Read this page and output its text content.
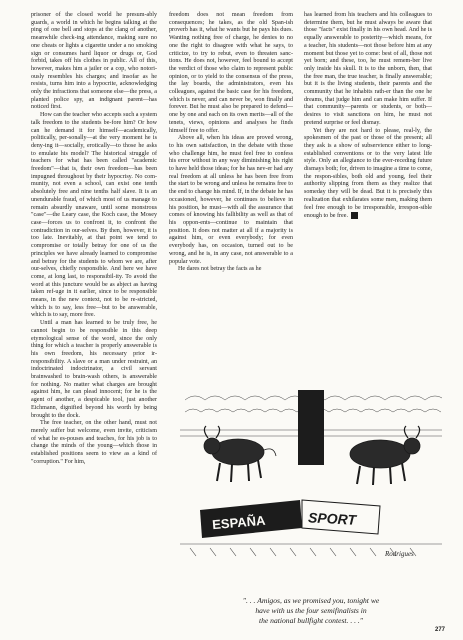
prisoner of the closed world he presum-ably guards, a world in which he begins talking at the ping of one bell and stops at the clang of another, meanwhile check-ing attendance, making sure no one cheats or lights a cigarette under a no smoking sign or consumes hard liquor or drugs or, God forbid, takes off his clothes in public. All of this, however, makes him a jailer or a cop, who notori-ously resembles his charges; and insofar as he resists, turns him into a hypocrite, acknowledging only the infractions that someone else—the press, a planted police spy, an indignant parent—has noticed first.

How can the teacher who accepts such a system talk freedom to the students be-fore him? Or how can he demand it for himself—academically, politically, per-sonally—at the very moment he is deny-ing it—socially, erotically—to those he asks to emulate his model? The historical struggle of teachers for what has been called "academic freedom"—that is, their own freedom—has been impugned throughout by their hypocrisy. No com-munity, not even a school, can exist one tenth absolutely free and nine tenths half slave. It is an unendurable fraud, of which most of us manage to remain absurdly unaware, until some monstrous "case"—the Leary case, the Koch case, the Mosey case—forces us to confront it, to confront the contradiction in our-selves. By then, however, it is too late. Inevitably, at that point we tend to compromise or totally betray for one of us the principles we have already learned to compromise and betray for the students to whom we are, after our-selves, chiefly responsible. And here we have come, at long last, to responsibil-ity. To avoid the word at this juncture would be as abject as having taken ref-uge in it earlier, since to be responsible means, in the new context, not to be re-stricted, which is to say, less free—but to be answerable, which is to say, more free.

Until a man has learned to be truly free, he cannot begin to be responsible in this deep etymological sense of the word, since the only thing for which a teacher is properly answerable is his own freedom, his necessary prior ir-responsibility. A slave or a man under restraint, an indoctrinated indoctrinator, a civil servant brainwashed to brain-wash others, is answerable for nothing. No matter what charges are brought against him, he can plead innocent; for he is the agent of another, a despicable tool, just another Eichmann, dignified beyond his worth by being brought to the dock.

The free teacher, on the other hand, must not merely suffer but welcome, even invite, criticism of what he es-pouses and teaches, for his job is to change the minds of the young—which those in established positions seem to view as a kind of "corruption." For him,

freedom does not mean freedom from consequences; he takes, as the old Span-ish proverb has it, what he wants but he pays his dues. Wanting nothing free of charge, he denies to no one the right to disagree with what he says, to criticize, to try to rebut, even to threaten sanc-tions. He does not, however, feel bound to accept the verdict of those who claim to represent public opinion, or to yield to the consensus of the press, the lay boards, the administrators, even his colleagues, against the basic case for his freedom, which is never, and can never be, won finally and forever. But he must also be prepared to defend—one by one and each on its own merits—all of the tenets, views, opinions and analyses he finds himself free to offer.

Above all, when his ideas are proved wrong, to his own satisfaction, in the debate with those who challenge him, he must feel free to confess his error without in any way diminishing his right to have held those ideas; for he has nev-er had any real freedom at all unless he has been free from the start to be wrong and unless he remains free to the end to change his mind. If, in the debate he has occasioned, however, he continues to believe in his position, he must—with all the assurance that comes of knowing his fallibility as well as that of his oppon-ents—continue to maintain that position. It does not matter at all if a majority is against him, or even everybody; for even everybody has, on occasion, turned out to be wrong, and he is, in any case, not answerable to a popular vote.

He dares not betray the facts as he

has learned from his teachers and his colleagues to determine them, but he must always be aware that those "facts" exist finally in his own head. And he is equally answerable to posterity—which means, for a teacher, his students—not those before him at any moment but those yet to come: best of all, those not yet born; and these, too, he must remem-ber live only inside his skull. It is to the unborn, then, that the free man, the true teacher, is finally answerable; but it is the living students, their parents and the community that he inhabits rath-er than the one he dreams, that judge him and can make him suffer. If that community—parents or students, or both—desires to visit sanctions on him, he must not pretend surprise or feel dismay.

Yet they are not hard to please, real-ly, the spokesmen of the past or those of the present; all they ask is a show of subservience either to long-established conventions or to the very latest life style. Only an allegiance to the ever-receding future dismays both; for, driven to imagine a time to come, the respon-sibles, both old and young, feel their authority slipping from them as they realize that someday they will be dead. But it is precisely this realization that exhilarates some men, making them feel free enough to be irresponsible, irrespon-sible enough to be free. Y

ESPAÑA	SPORT
Rodrigues
". . . Amigos, as we promised you, tonight we
have with us the four semifinalists in
the national bullfight contest. . . ."
277
